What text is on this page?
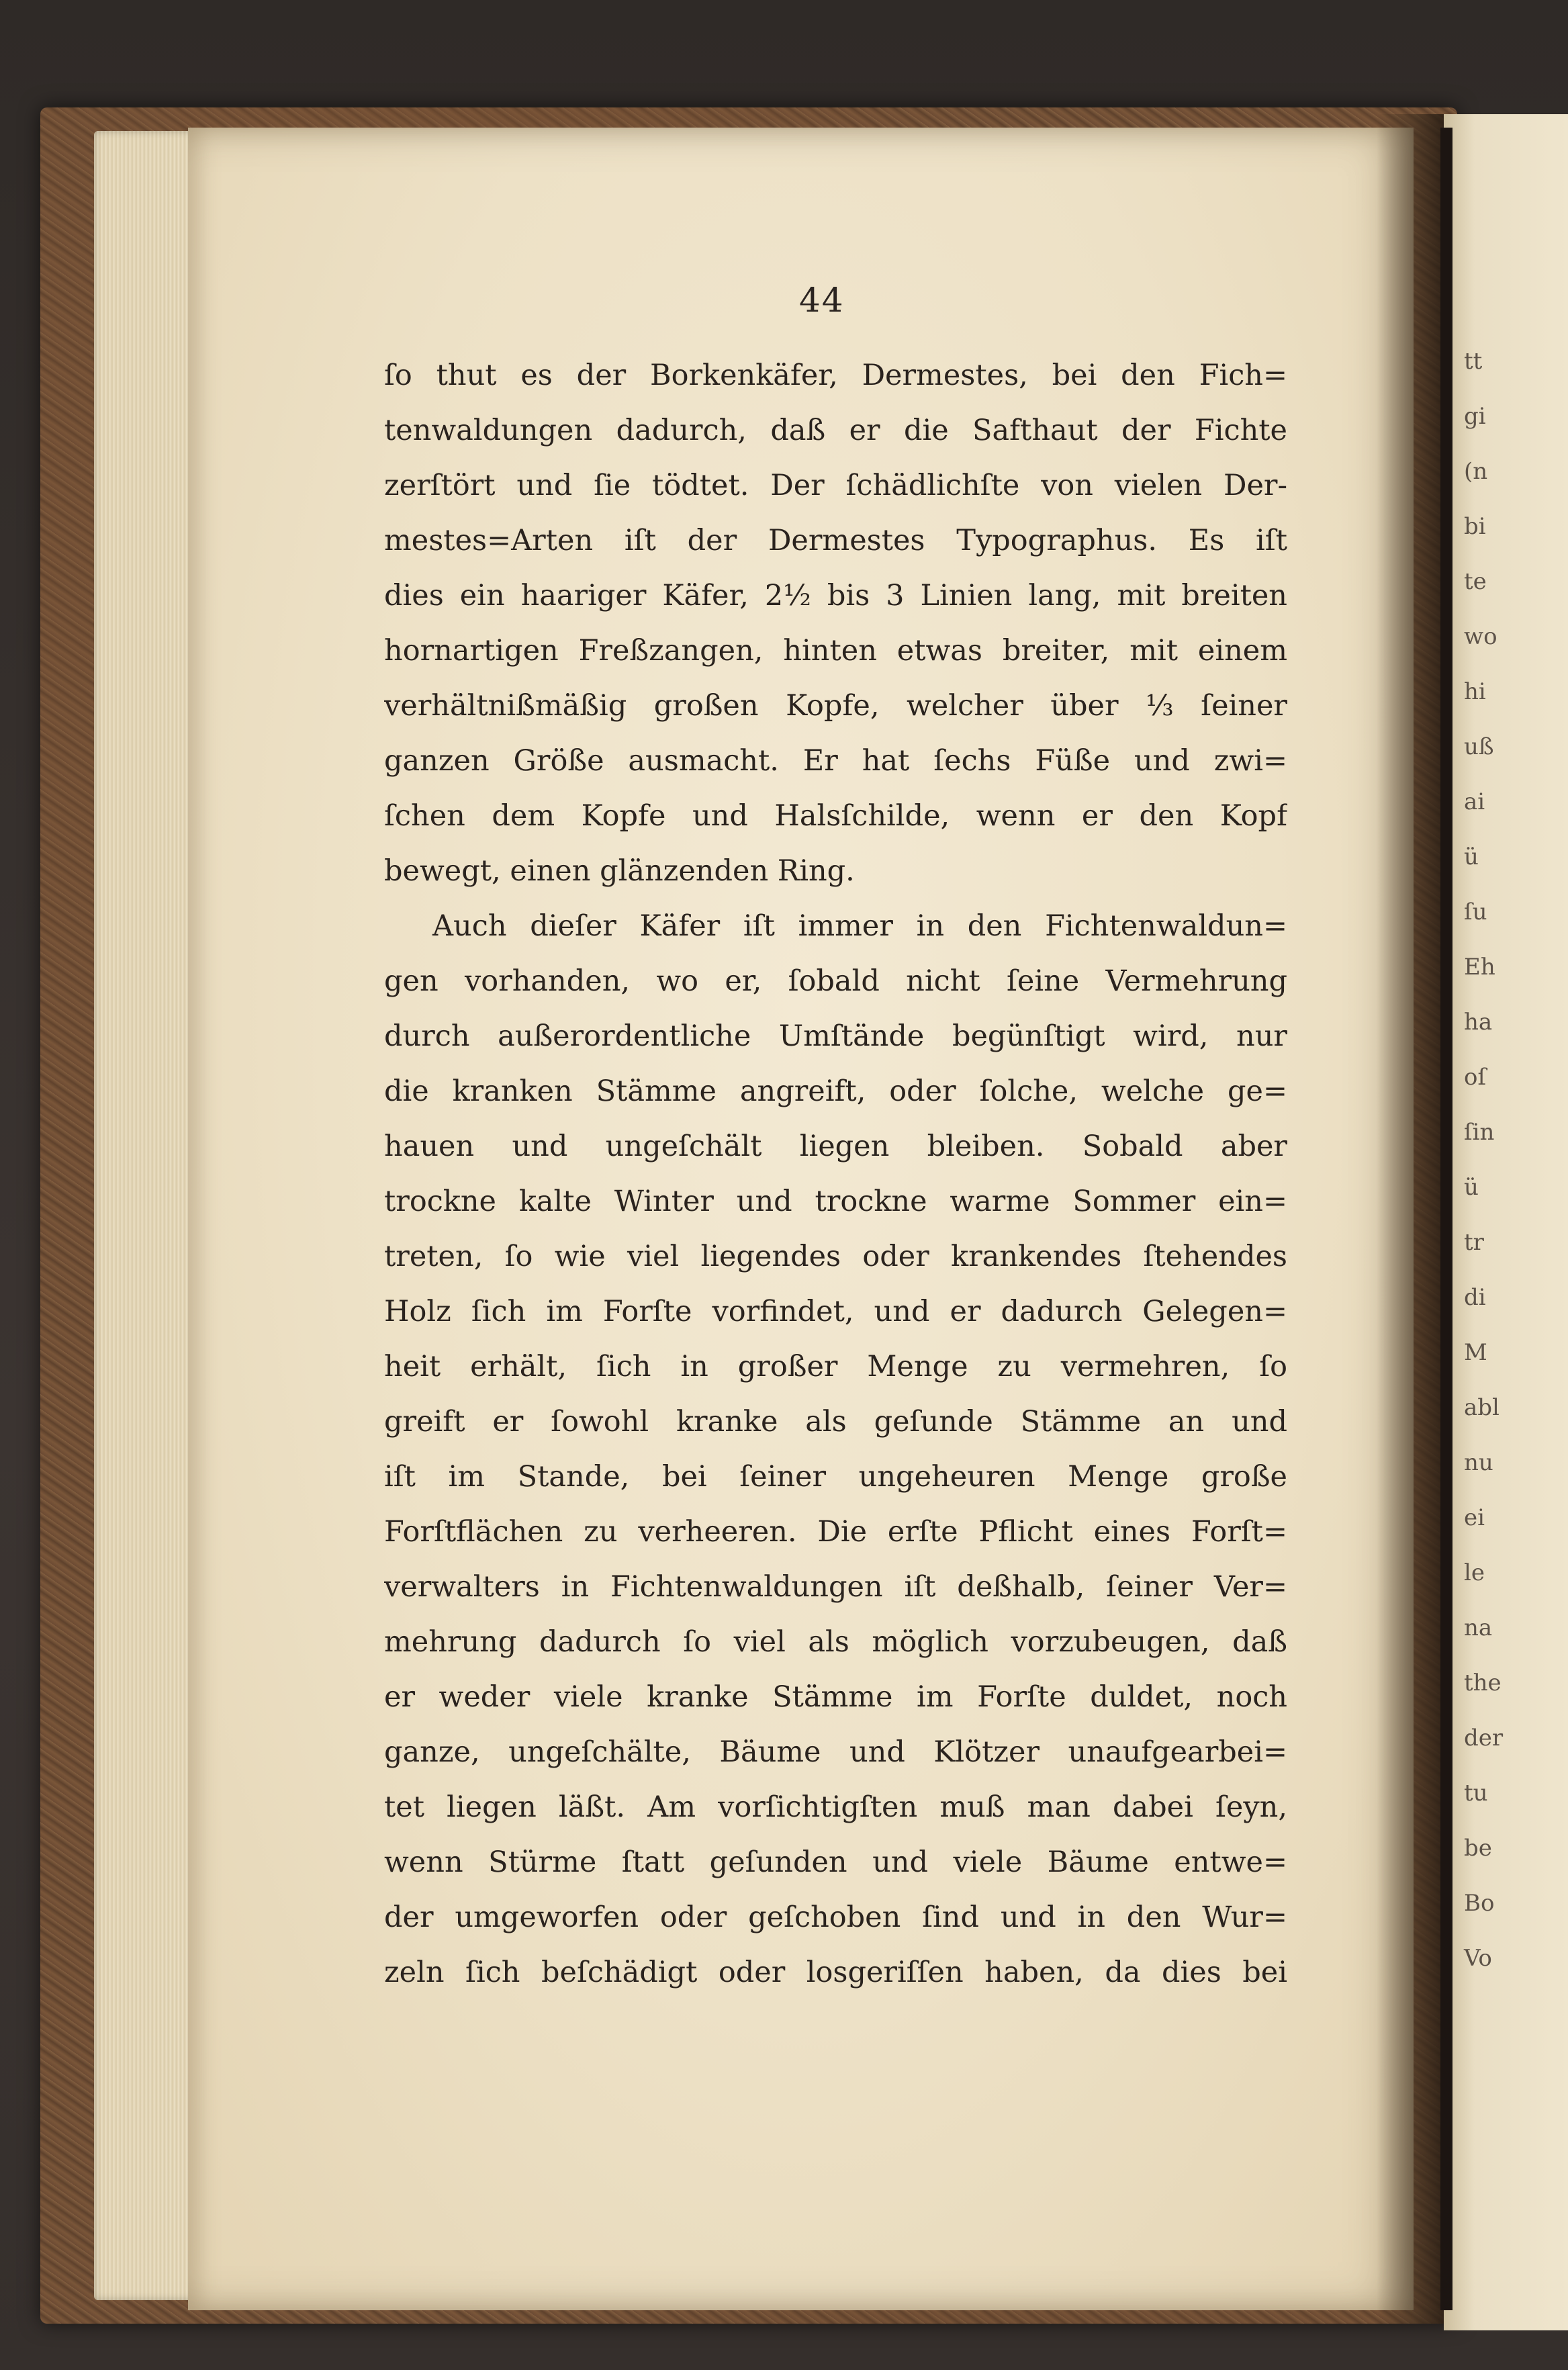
tt
gi
(n
bi
te
wo
hi
uß
ai
ü
ſu
Eh
ha
oſ
ſin
ü
tr
di
M
abl
nu
ei
le
na
the
der
tu
be
Bo
Vo
44
ſo thut es der Borkenkäfer, Dermestes, bei den Fich=
tenwaldungen dadurch, daß er die Safthaut der Fichte
zerſtört und ſie tödtet. Der ſchädlichſte von vielen Der-
mestes=Arten iſt der Dermestes Typographus. Es iſt
dies ein haariger Käfer, 2½ bis 3 Linien lang, mit breiten
hornartigen Freßzangen, hinten etwas breiter, mit einem
verhältnißmäßig großen Kopfe, welcher über ⅓ ſeiner
ganzen Größe ausmacht. Er hat ſechs Füße und zwi=
ſchen dem Kopfe und Halsſchilde, wenn er den Kopf
bewegt, einen glänzenden Ring.
Auch dieſer Käfer iſt immer in den Fichtenwaldun=
gen vorhanden, wo er, ſobald nicht ſeine Vermehrung
durch außerordentliche Umſtände begünſtigt wird, nur
die kranken Stämme angreift, oder ſolche, welche ge=
hauen und ungeſchält liegen bleiben. Sobald aber
trockne kalte Winter und trockne warme Sommer ein=
treten, ſo wie viel liegendes oder krankendes ſtehendes
Holz ſich im Forſte vorfindet, und er dadurch Gelegen=
heit erhält, ſich in großer Menge zu vermehren, ſo
greift er ſowohl kranke als geſunde Stämme an und
iſt im Stande, bei ſeiner ungeheuren Menge große
Forſtflächen zu verheeren. Die erſte Pflicht eines Forſt=
verwalters in Fichtenwaldungen iſt deßhalb, ſeiner Ver=
mehrung dadurch ſo viel als möglich vorzubeugen, daß
er weder viele kranke Stämme im Forſte duldet, noch
ganze, ungeſchälte, Bäume und Klötzer unaufgearbei=
tet liegen läßt. Am vorſichtigſten muß man dabei ſeyn,
wenn Stürme ſtatt geſunden und viele Bäume entwe=
der umgeworfen oder geſchoben ſind und in den Wur=
zeln ſich beſchädigt oder losgeriſſen haben, da dies bei
